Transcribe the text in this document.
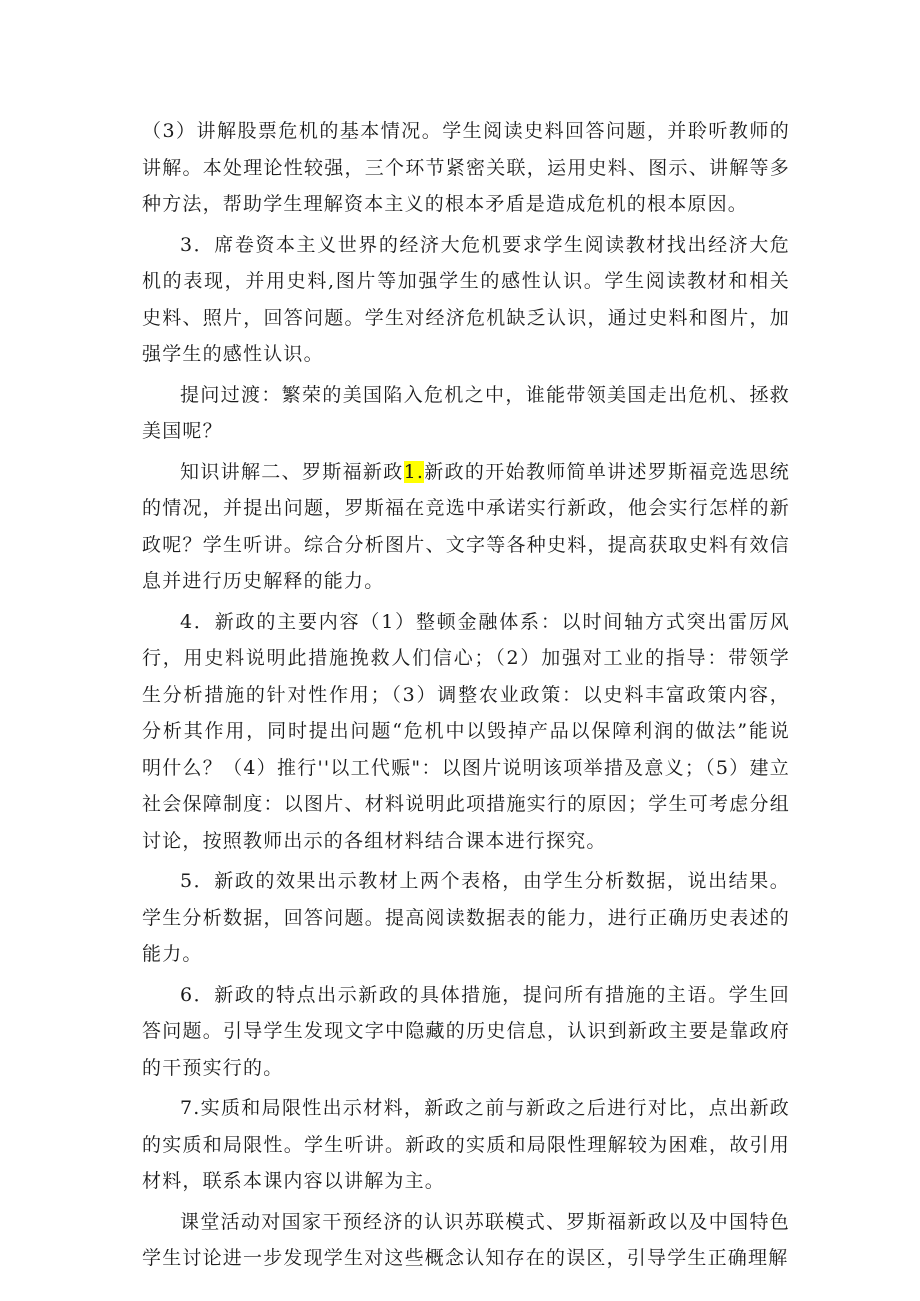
（3）讲解股票危机的基本情况。学生阅读史料回答问题，并聆听教师的讲解。本处理论性较强，三个环节紧密关联，运用史料、图示、讲解等多种方法，帮助学生理解资本主义的根本矛盾是造成危机的根本原因。

3．席卷资本主义世界的经济大危机要求学生阅读教材找出经济大危机的表现，并用史料,图片等加强学生的感性认识。学生阅读教材和相关史料、照片，回答问题。学生对经济危机缺乏认识，通过史料和图片，加强学生的感性认识。

提问过渡：繁荣的美国陷入危机之中，谁能带领美国走出危机、拯救美国呢？

知识讲解二、罗斯福新政1.新政的开始教师简单讲述罗斯福竞选思统的情况，并提出问题，罗斯福在竞选中承诺实行新政，他会实行怎样的新政呢？学生听讲。综合分析图片、文字等各种史料，提高获取史料有效信息并进行历史解释的能力。

4．新政的主要内容（1）整顿金融体系：以时间轴方式突出雷厉风行，用史料说明此措施挽救人们信心；（2）加强对工业的指导：带领学生分析措施的针对性作用；（3）调整农业政策：以史料丰富政策内容，分析其作用，同时提出问题“危机中以毁掉产品以保障利润的做法”能说明什么？（4）推行''以工代赈"：以图片说明该项举措及意义；（5）建立社会保障制度：以图片、材料说明此项措施实行的原因；学生可考虑分组讨论，按照教师出示的各组材料结合课本进行探究。

5．新政的效果出示教材上两个表格，由学生分析数据，说出结果。学生分析数据，回答问题。提高阅读数据表的能力，进行正确历史表述的能力。

6．新政的特点出示新政的具体措施，提问所有措施的主语。学生回答问题。引导学生发现文字中隐藏的历史信息，认识到新政主要是靠政府的干预实行的。

7.实质和局限性出示材料，新政之前与新政之后进行对比，点出新政的实质和局限性。学生听讲。新政的实质和局限性理解较为困难，故引用材料，联系本课内容以讲解为主。

课堂活动对国家干预经济的认识苏联模式、罗斯福新政以及中国特色学生讨论进一步发现学生对这些概念认知存在的误区，引导学生正确理解
